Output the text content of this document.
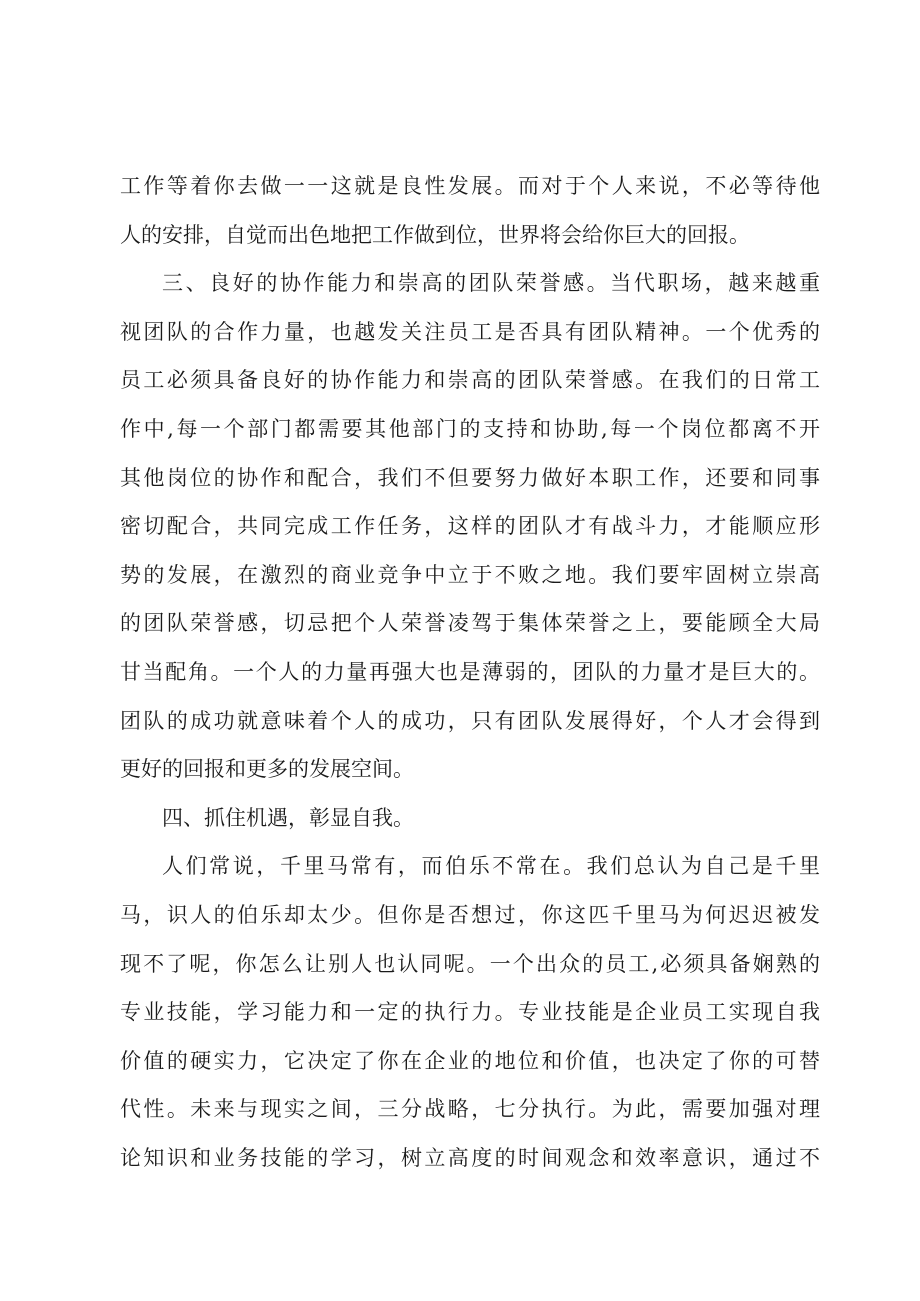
工作等着你去做一一这就是良性发展。而对于个人来说，不必等待他
人的安排，自觉而出色地把工作做到位，世界将会给你巨大的回报。
三、良好的协作能力和崇高的团队荣誉感。当代职场，越来越重
视团队的合作力量，也越发关注员工是否具有团队精神。一个优秀的
员工必须具备良好的协作能力和崇高的团队荣誉感。在我们的日常工
作中,每一个部门都需要其他部门的支持和协助,每一个岗位都离不开
其他岗位的协作和配合，我们不但要努力做好本职工作，还要和同事
密切配合，共同完成工作任务，这样的团队才有战斗力，才能顺应形
势的发展，在激烈的商业竞争中立于不败之地。我们要牢固树立崇高
的团队荣誉感，切忌把个人荣誉凌驾于集体荣誉之上，要能顾全大局
甘当配角。一个人的力量再强大也是薄弱的，团队的力量才是巨大的。
团队的成功就意味着个人的成功，只有团队发展得好，个人才会得到
更好的回报和更多的发展空间。
四、抓住机遇，彰显自我。
人们常说，千里马常有，而伯乐不常在。我们总认为自己是千里
马，识人的伯乐却太少。但你是否想过，你这匹千里马为何迟迟被发
现不了呢，你怎么让别人也认同呢。一个出众的员工,必须具备娴熟的
专业技能，学习能力和一定的执行力。专业技能是企业员工实现自我
价值的硬实力，它决定了你在企业的地位和价值，也决定了你的可替
代性。未来与现实之间，三分战略，七分执行。为此，需要加强对理
论知识和业务技能的学习，树立高度的时间观念和效率意识，通过不
